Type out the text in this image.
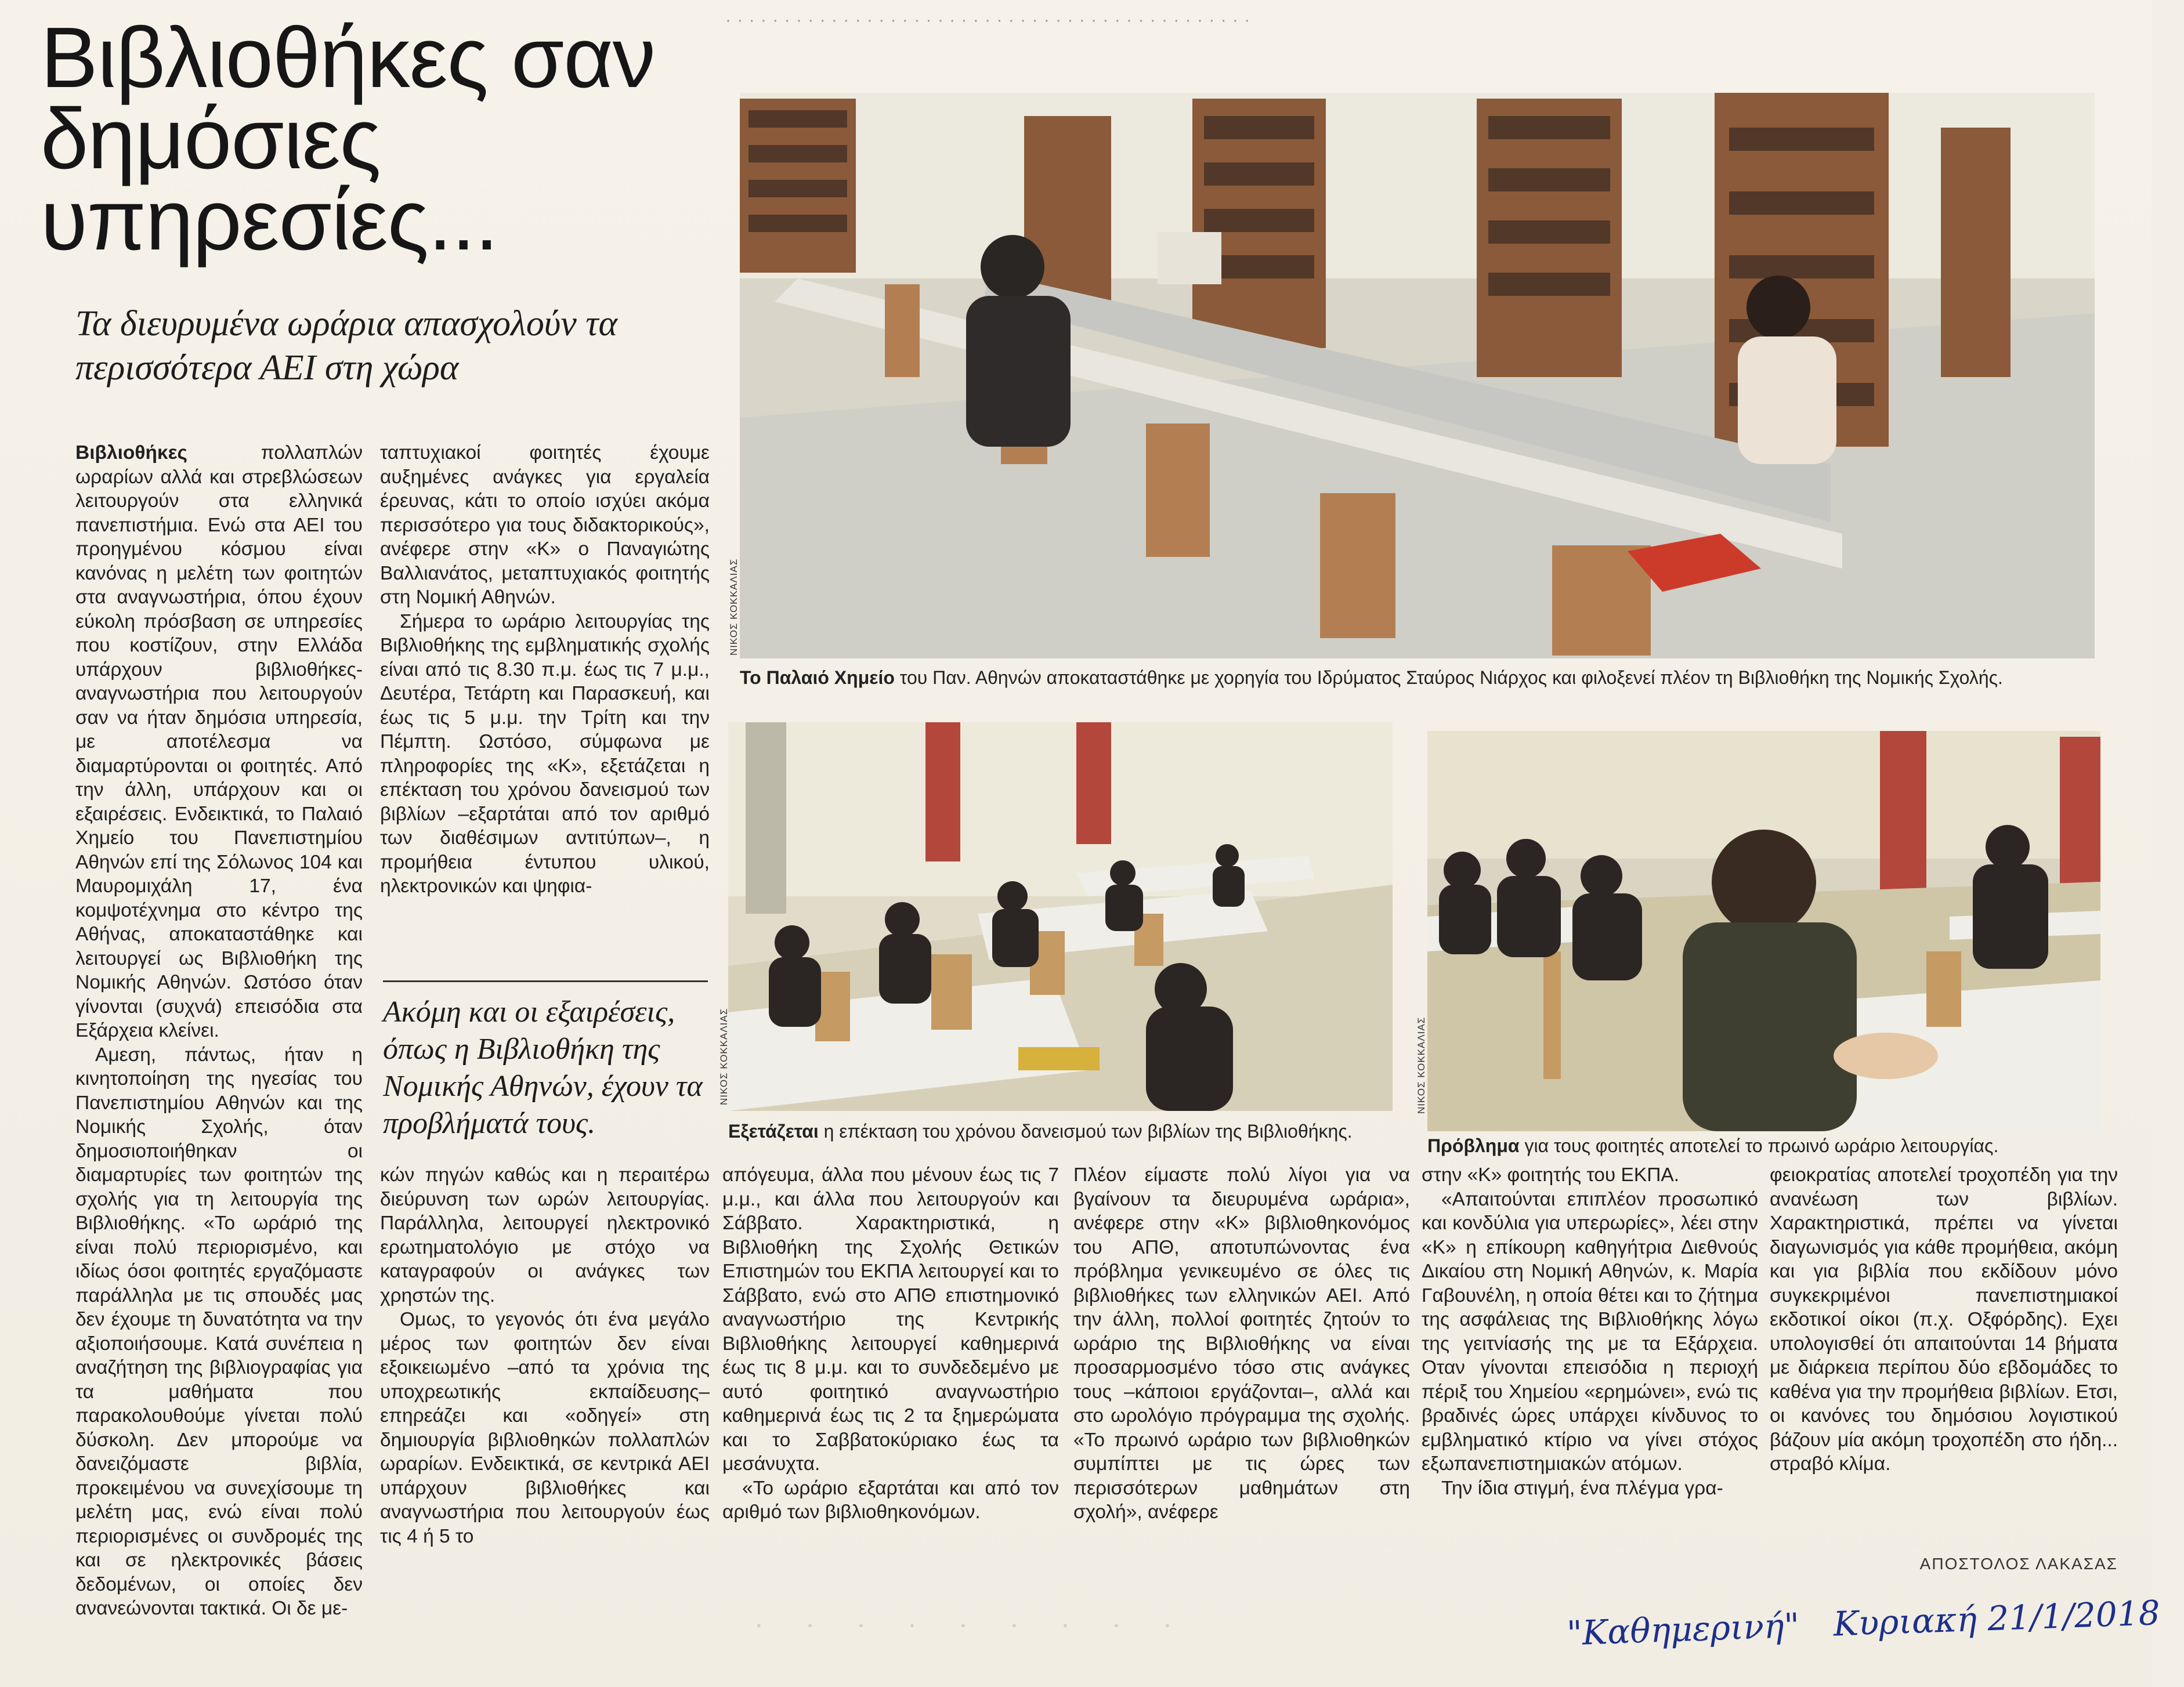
· · · · · · · · · · · · · · · · · · · · · · · · · · · · · · · · · · · · · · · · · · · · ·
Βιβλιοθήκες σαν δημόσιες υπηρεσίες...

Τα διευρυμένα ωράρια απασχολούν τα περισσότερα ΑΕΙ στη χώρα

Βιβλιοθήκες πολλαπλών ωραρίων αλλά και στρεβλώσεων λειτουργούν στα ελληνικά πανεπιστήμια. Ενώ στα ΑΕΙ του προηγμένου κόσμου είναι κανόνας η μελέτη των φοιτητών στα αναγνωστήρια, όπου έχουν εύκολη πρόσβαση σε υπηρεσίες που κοστίζουν, στην Ελλάδα υπάρχουν βιβλιοθήκες-αναγνωστήρια που λειτουργούν σαν να ήταν δημόσια υπηρεσία, με αποτέλεσμα να διαμαρτύρονται οι φοιτητές. Από την άλλη, υπάρχουν και οι εξαιρέσεις. Ενδεικτικά, το Παλαιό Χημείο του Πανεπιστημίου Αθηνών επί της Σόλωνος 104 και Μαυρομιχάλη 17, ένα κομψοτέχνημα στο κέντρο της Αθήνας, αποκαταστάθηκε και λειτουργεί ως Βιβλιοθήκη της Νομικής Αθηνών. Ωστόσο όταν γίνονται (συχνά) επεισόδια στα Εξάρχεια κλείνει.

Αμεση, πάντως, ήταν η κινητοποίηση της ηγεσίας του Πανεπιστημίου Αθηνών και της Νομικής Σχολής, όταν δημοσιοποιήθηκαν οι διαμαρτυρίες των φοιτητών της σχολής για τη λειτουργία της Βιβλιοθήκης. «Το ωράριό της είναι πολύ περιορισμένο, και ιδίως όσοι φοιτητές εργαζόμαστε παράλληλα με τις σπουδές μας δεν έχουμε τη δυνατότητα να την αξιοποιήσουμε. Κατά συνέπεια η αναζήτηση της βιβλιογραφίας για τα μαθήματα που παρακολουθούμε γίνεται πολύ δύσκολη. Δεν μπορούμε να δανειζόμαστε βιβλία, προκειμένου να συνεχίσουμε τη μελέτη μας, ενώ είναι πολύ περιορισμένες οι συνδρομές της και σε ηλεκτρονικές βάσεις δεδομένων, οι οποίες δεν ανανεώνονται τακτικά. Οι δε με-

ταπτυχιακοί φοιτητές έχουμε αυξημένες ανάγκες για εργαλεία έρευνας, κάτι το οποίο ισχύει ακόμα περισσότερο για τους διδακτορικούς», ανέφερε στην «Κ» ο Παναγιώτης Βαλλιανάτος, μεταπτυχιακός φοιτητής στη Νομική Αθηνών.

Σήμερα το ωράριο λειτουργίας της Βιβλιοθήκης της εμβληματικής σχολής είναι από τις 8.30 π.μ. έως τις 7 μ.μ., Δευτέρα, Τετάρτη και Παρασκευή, και έως τις 5 μ.μ. την Τρίτη και την Πέμπτη. Ωστόσο, σύμφωνα με πληροφορίες της «Κ», εξετάζεται η επέκταση του χρόνου δανεισμού των βιβλίων –εξαρτάται από τον αριθμό των διαθέσιμων αντιτύπων–, η προμήθεια έντυπου υλικού, ηλεκτρονικών και ψηφια-

Ακόμη και οι εξαιρέσεις, όπως η Βιβλιοθήκη της Νομικής Αθηνών, έχουν τα προβλήματά τους.

κών πηγών καθώς και η περαιτέρω διεύρυνση των ωρών λειτουργίας. Παράλληλα, λειτουργεί ηλεκτρονικό ερωτηματολόγιο με στόχο να καταγραφούν οι ανάγκες των χρηστών της.

Ομως, το γεγονός ότι ένα μεγάλο μέρος των φοιτητών δεν είναι εξοικειωμένο –από τα χρόνια της υποχρεωτικής εκπαίδευσης– επηρεάζει και «οδηγεί» στη δημιουργία βιβλιοθηκών πολλαπλών ωραρίων. Ενδεικτικά, σε κεντρικά ΑΕΙ υπάρχουν βιβλιοθήκες και αναγνωστήρια που λειτουργούν έως τις 4 ή 5 το

απόγευμα, άλλα που μένουν έως τις 7 μ.μ., και άλλα που λειτουργούν και Σάββατο. Χαρακτηριστικά, η Βιβλιοθήκη της Σχολής Θετικών Επιστημών του ΕΚΠΑ λειτουργεί και το Σάββατο, ενώ στο ΑΠΘ επιστημονικό αναγνωστήριο της Κεντρικής Βιβλιοθήκης λειτουργεί καθημερινά έως τις 8 μ.μ. και το συνδεδεμένο με αυτό φοιτητικό αναγνωστήριο καθημερινά έως τις 2 τα ξημερώματα και το Σαββατοκύριακο έως τα μεσάνυχτα.

«Το ωράριο εξαρτάται και από τον αριθμό των βιβλιοθηκονόμων.

Πλέον είμαστε πολύ λίγοι για να βγαίνουν τα διευρυμένα ωράρια», ανέφερε στην «Κ» βιβλιοθηκονόμος του ΑΠΘ, αποτυπώνοντας ένα πρόβλημα γενικευμένο σε όλες τις βιβλιοθήκες των ελληνικών ΑΕΙ. Από την άλλη, πολλοί φοιτητές ζητούν το ωράριο της Βιβλιοθήκης να είναι προσαρμοσμένο τόσο στις ανάγκες τους –κάποιοι εργάζονται–, αλλά και στο ωρολόγιο πρόγραμμα της σχολής. «Το πρωινό ωράριο των βιβλιοθηκών συμπίπτει με τις ώρες των περισσότερων μαθημάτων στη σχολή», ανέφερε

στην «Κ» φοιτητής του ΕΚΠΑ.

«Απαιτούνται επιπλέον προσωπικό και κονδύλια για υπερωρίες», λέει στην «Κ» η επίκουρη καθηγήτρια Διεθνούς Δικαίου στη Νομική Αθηνών, κ. Μαρία Γαβουνέλη, η οποία θέτει και το ζήτημα της ασφάλειας της Βιβλιοθήκης λόγω της γειτνίασής της με τα Εξάρχεια. Οταν γίνονται επεισόδια η περιοχή πέριξ του Χημείου «ερημώνει», ενώ τις βραδινές ώρες υπάρχει κίνδυνος το εμβληματικό κτίριο να γίνει στόχος εξωπανεπιστημιακών ατόμων.

Την ίδια στιγμή, ένα πλέγμα γρα-

φειοκρατίας αποτελεί τροχοπέδη για την ανανέωση των βιβλίων. Χαρακτηριστικά, πρέπει να γίνεται διαγωνισμός για κάθε προμήθεια, ακόμη και για βιβλία που εκδίδουν μόνο συγκεκριμένοι πανεπιστημιακοί εκδοτικοί οίκοι (π.χ. Οξφόρδης). Εχει υπολογισθεί ότι απαιτούνται 14 βήματα με διάρκεια περίπου δύο εβδομάδες το καθένα για την προμήθεια βιβλίων. Ετσι, οι κανόνες του δημόσιου λογιστικού βάζουν μία ακόμη τροχοπέδη στο ήδη... στραβό κλίμα.

ΑΠΟΣΤΟΛΟΣ ΛΑΚΑΣΑΣ

ΝΙΚΟΣ ΚΟΚΚΑΛΙΑΣ

Το Παλαιό Χημείο του Παν. Αθηνών αποκαταστάθηκε με χορηγία του Ιδρύματος Σταύρος Νιάρχος και φιλοξενεί πλέον τη Βιβλιοθήκη της Νομικής Σχολής.

ΝΙΚΟΣ ΚΟΚΚΑΛΙΑΣ

Εξετάζεται η επέκταση του χρόνου δανεισμού των βιβλίων της Βιβλιοθήκης.

ΝΙΚΟΣ ΚΟΚΚΑΛΙΑΣ

Πρόβλημα για τους φοιτητές αποτελεί το πρωινό ωράριο λειτουργίας.

· · · · · · · · ·	"Καθημερινή" Κυριακή 21/1/2018
